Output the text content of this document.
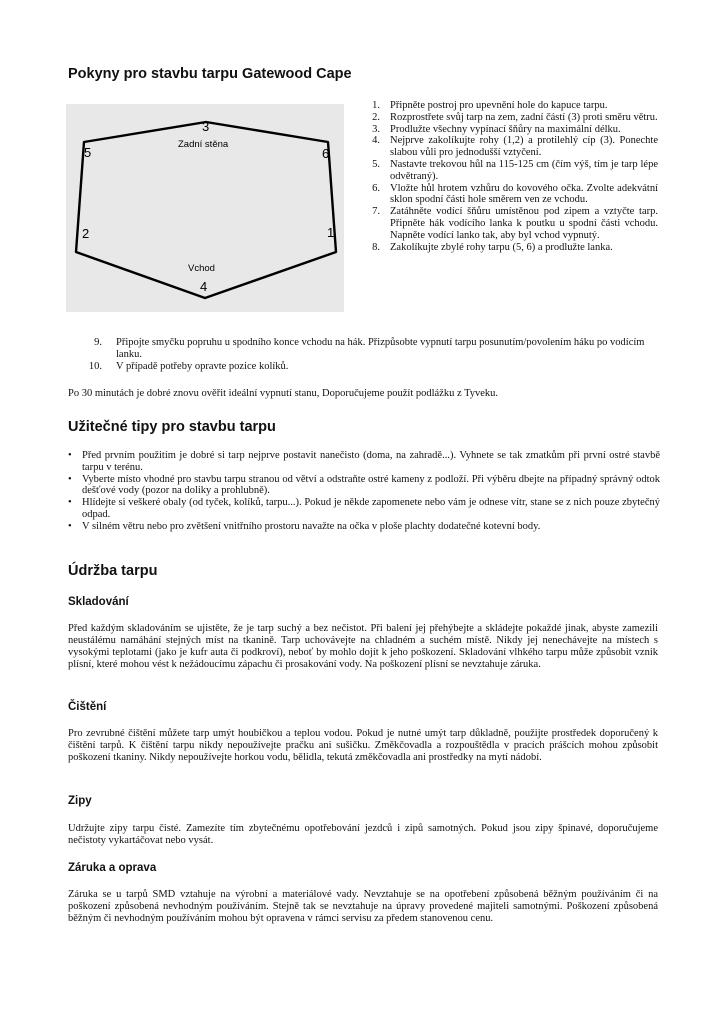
Pokyny pro stavbu tarpu Gatewood Cape
1
2
3
5	6
4
Zadní stěna
Vchod
1. Připněte postroj pro upevnění hole do kapuce tarpu.
2. Rozprostřete svůj tarp na zem, zadní částí (3) proti směru větru.
3. Prodlužte všechny vypínací šňůry na maximální délku.
4. Nejprve zakolíkujte rohy (1,2) a protilehlý cíp (3). Ponechte slabou vůli pro jednodušší vztyčení.
5. Nastavte trekovou hůl na 115-125 cm (čím výš, tím je tarp lépe odvětraný).
6. Vložte hůl hrotem vzhůru do kovového očka. Zvolte adekvátní sklon spodní části hole směrem ven ze vchodu.
7. Zatáhněte vodící šňůru umístěnou pod zipem a vztyčte tarp. Připněte hák vodícího lanka k poutku u spodní části vchodu. Napněte vodící lanko tak, aby byl vchod vypnutý.
8. Zakolíkujte zbylé rohy tarpu (5, 6) a prodlužte lanka.
9. Připojte smyčku popruhu u spodního konce vchodu na hák. Přizpůsobte vypnutí tarpu posunutím/povolením háku po vodícím lanku.
10. V případě potřeby opravte pozice kolíků.

Po 30 minutách je dobré znovu ověřit ideální vypnutí stanu, Doporučujeme použít podlážku z Tyveku.

Užitečné tipy pro stavbu tarpu
• Před prvním použitím je dobré si tarp nejprve postavit nanečisto (doma, na zahradě...). Vyhnete se tak zmatkům při první ostré stavbě tarpu v terénu.
• Vyberte místo vhodné pro stavbu tarpu stranou od větví a odstraňte ostré kameny z podloží. Při výběru dbejte na případný správný odtok dešťové vody (pozor na doliky a prohlubně).
• Hlídejte si veškeré obaly (od tyček, kolíků, tarpu...). Pokud je někde zapomenete nebo vám je odnese vítr, stane se z nich pouze zbytečný odpad.
• V silném větru nebo pro zvětšení vnitřního prostoru navažte na očka v ploše plachty dodatečné kotevní body.
Údržba tarpu
Skladování

Před každým skladováním se ujistěte, že je tarp suchý a bez nečistot. Při balení jej přehýbejte a skládejte pokaždé jinak, abyste zamezili neustálému namáhání stejných míst na tkanině. Tarp uchovávejte na chladném a suchém místě. Nikdy jej nenechávejte na místech s vysokými teplotami (jako je kufr auta či podkroví), neboť by mohlo dojít k jeho poškození. Skladování vlhkého tarpu může způsobit vznik plísní, které mohou vést k nežádoucímu zápachu či prosakování vody. Na poškození plísní se nevztahuje záruka.

Čištění

Pro zevrubné čištění můžete tarp umýt houbičkou a teplou vodou. Pokud je nutné umýt tarp důkladně, použijte prostředek doporučený k čištění tarpů. K čištění tarpu nikdy nepoužívejte pračku ani sušičku. Změkčovadla a rozpouštědla v pracích prášcích mohou způsobit poškození tkaniny. Nikdy nepoužívejte horkou vodu, bělidla, tekutá změkčovadla ani prostředky na mytí nádobí.

Zipy

Udržujte zipy tarpu čisté. Zamezíte tím zbytečnému opotřebování jezdců i zipů samotných. Pokud jsou zipy špinavé, doporučujeme nečistoty vykartáčovat nebo vysát.

Záruka a oprava

Záruka se u tarpů SMD vztahuje na výrobní a materiálové vady. Nevztahuje se na opotřebení způsobená běžným používáním či na poškození způsobená nevhodným používáním. Stejně tak se nevztahuje na úpravy provedené majiteli samotnými. Poškození způsobená běžným či nevhodným používáním mohou být opravena v rámci servisu za předem stanovenou cenu.
